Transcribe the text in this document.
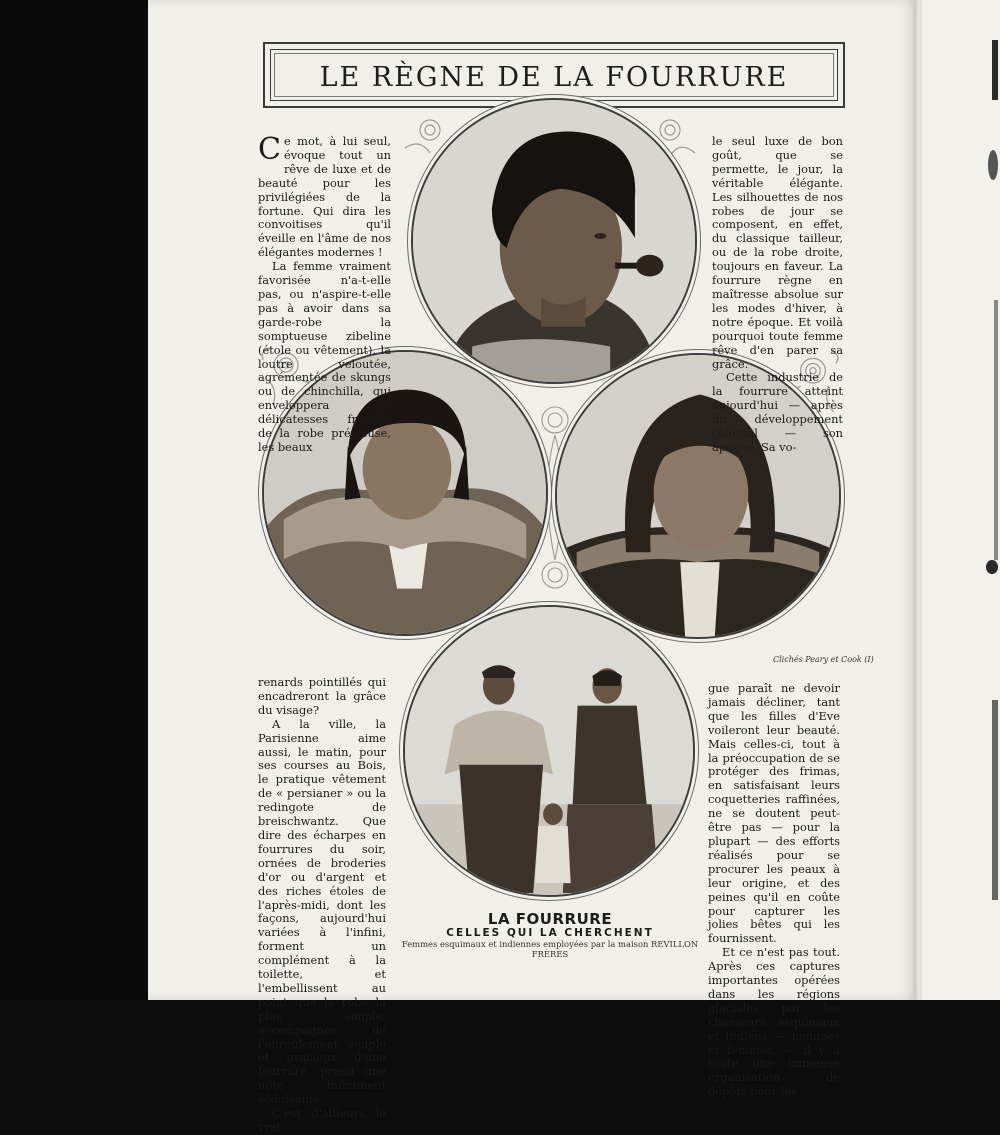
LE RÈGNE DE LA FOURRURE

Ce mot, à lui seul, évoque tout un rêve de luxe et de beauté pour les privilégiées de la fortune. Qui dira les convoitises qu'il éveille en l'âme de nos élégantes modernes !

La femme vraiment favorisée n'a-t-elle pas, ou n'aspire-t-elle pas à avoir dans sa garde-robe la somptueuse zibeline (étole ou vêtement), la loutre veloutée, agrémentée de skungs ou de chinchilla, qui enveloppera les délicatesses fragiles de la robe précieuse, les beaux

le seul luxe de bon goût, que se permette, le jour, la véritable élégante. Les silhouettes de nos robes de jour se composent, en effet, du classique tailleur, ou de la robe droite, toujours en faveur. La fourrure règne en maîtresse absolue sur les modes d'hiver, à notre époque. Et voilà pourquoi toute femme rêve d'en parer sa grâce.

Cette industrie de la fourrure atteint aujourd'hui — après un développement colossal — son apogée. Sa vo-

renards pointillés qui encadreront la grâce du visage?

A la ville, la Parisienne aime aussi, le matin, pour ses courses au Bois, le pratique vêtement de « persianer » ou la redingote de breischwantz. Que dire des écharpes en fourrures du soir, ornées de broderies d'or ou d'argent et des riches étoles de l'après-midi, dont les façons, aujourd'hui variées à l'infini, forment un complément à la toilette, et l'embellissent au point que la robe la plus simple, accompagnée de l'enroulement souple et gracieux d'une fourrure, prend une note infiniment séduisante.

C'est d'ailleurs le vrai,

gue paraît ne devoir jamais décliner, tant que les filles d'Eve voileront leur beauté. Mais celles-ci, tout à la préoccupation de se protéger des frimas, en satisfaisant leurs coquetteries raffinées, ne se doutent peut-être pas — pour la plupart — des efforts réalisés pour se procurer les peaux à leur origine, et des peines qu'il en coûte pour capturer les jolies bêtes qui les fournissent.

Et ce n'est pas tout. Après ces captures importantes opérées dans les régions glaciales par les chasseurs esquimaux et indiens — hommes et femmes, — il y a toute une immense organisation de dépôts pour les

Clichés Peary et Cook (I)
LA FOURRURE
CELLES QUI LA CHERCHENT
Femmes esquimaux et indiennes employées par la maison REVILLON FRÈRES
